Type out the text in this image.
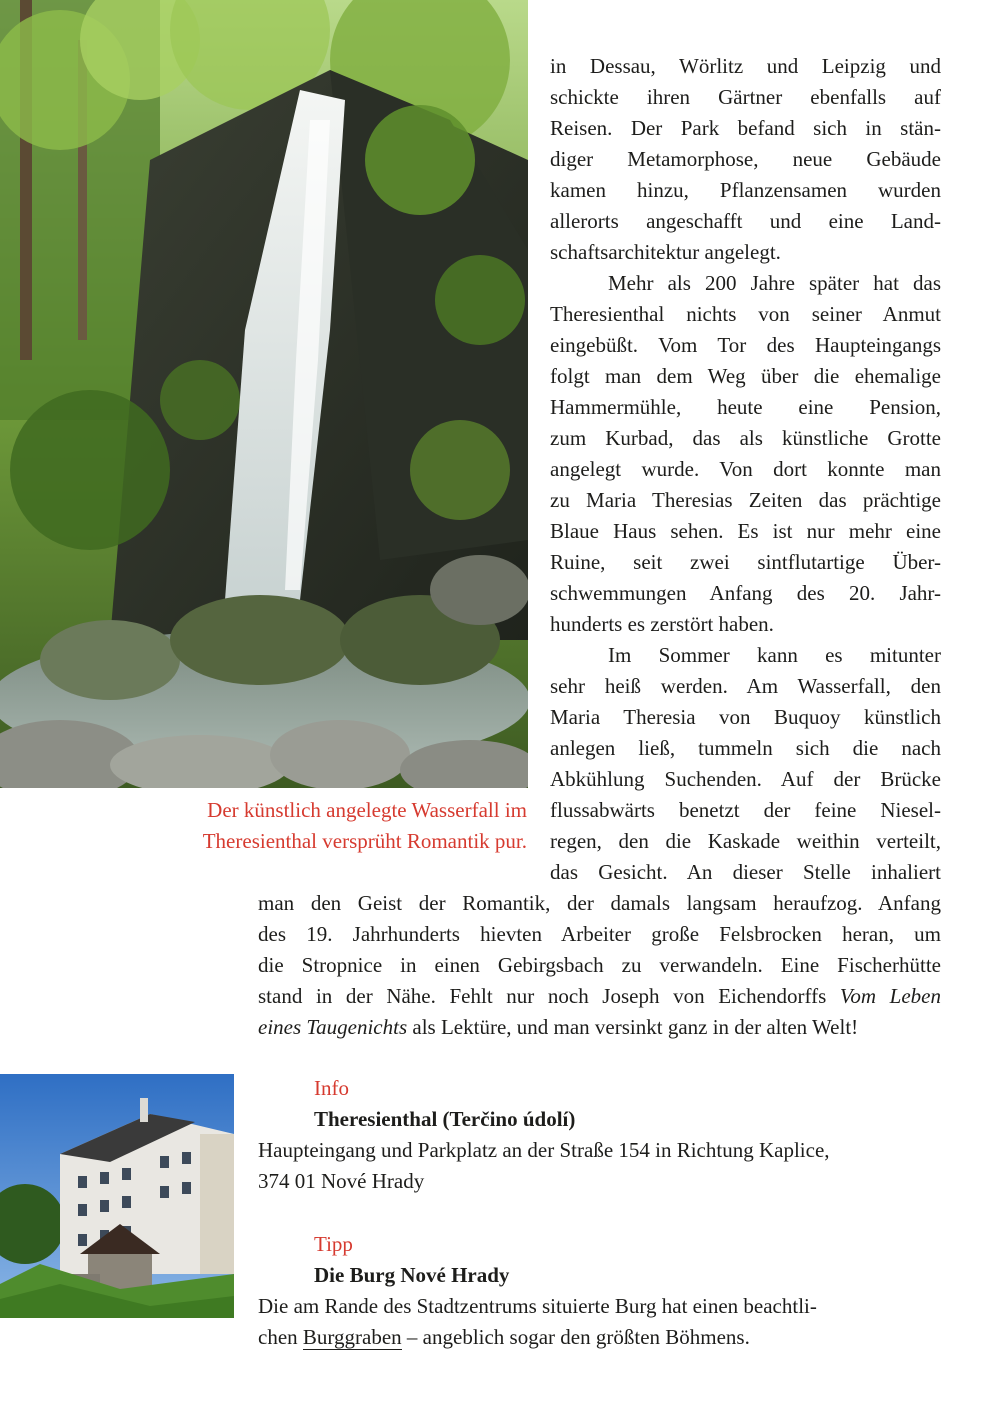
in Dessau, Wörlitz und Leipzig und

schickte ihren Gärtner ebenfalls auf

Reisen. Der Park befand sich in stän-

diger Metamorphose, neue Gebäude

kamen hinzu, Pflanzensamen wurden

allerorts angeschafft und eine Land-

schaftsarchitektur angelegt.

Mehr als 200 Jahre später hat das

Theresienthal nichts von seiner Anmut

eingebüßt. Vom Tor des Haupteingangs

folgt man dem Weg über die ehemalige

Hammermühle, heute eine Pension,

zum Kurbad, das als künstliche Grotte

angelegt wurde. Von dort konnte man

zu Maria Theresias Zeiten das prächtige

Blaue Haus sehen. Es ist nur mehr eine

Ruine, seit zwei sintflutartige Über-

schwemmungen Anfang des 20. Jahr-

hunderts es zerstört haben.

Im Sommer kann es mitunter

sehr heiß werden. Am Wasserfall, den

Maria Theresia von Buquoy künstlich

anlegen ließ, tummeln sich die nach

Abkühlung Suchenden. Auf der Brücke

flussabwärts benetzt der feine Niesel-

regen, den die Kaskade weithin verteilt,

das Gesicht. An dieser Stelle inhaliert

Der künstlich angelegte Wasserfall im

Theresienthal versprüht Romantik pur.

man den Geist der Romantik, der damals langsam heraufzog. Anfang

des 19. Jahrhunderts hievten Arbeiter große Felsbrocken heran, um

die Stropnice in einen Gebirgsbach zu verwandeln. Eine Fischerhütte

stand in der Nähe. Fehlt nur noch Joseph von Eichendorffs Vom Leben

eines Taugenichts als Lektüre, und man versinkt ganz in der alten Welt!

Info

Theresienthal (Terčino údolí)

Haupteingang und Parkplatz an der Straße 154 in Richtung Kaplice,

374 01 Nové Hrady

Tipp

Die Burg Nové Hrady

Die am Rande des Stadtzentrums situierte Burg hat einen beachtli-

chen Burggraben – angeblich sogar den größten Böhmens.
